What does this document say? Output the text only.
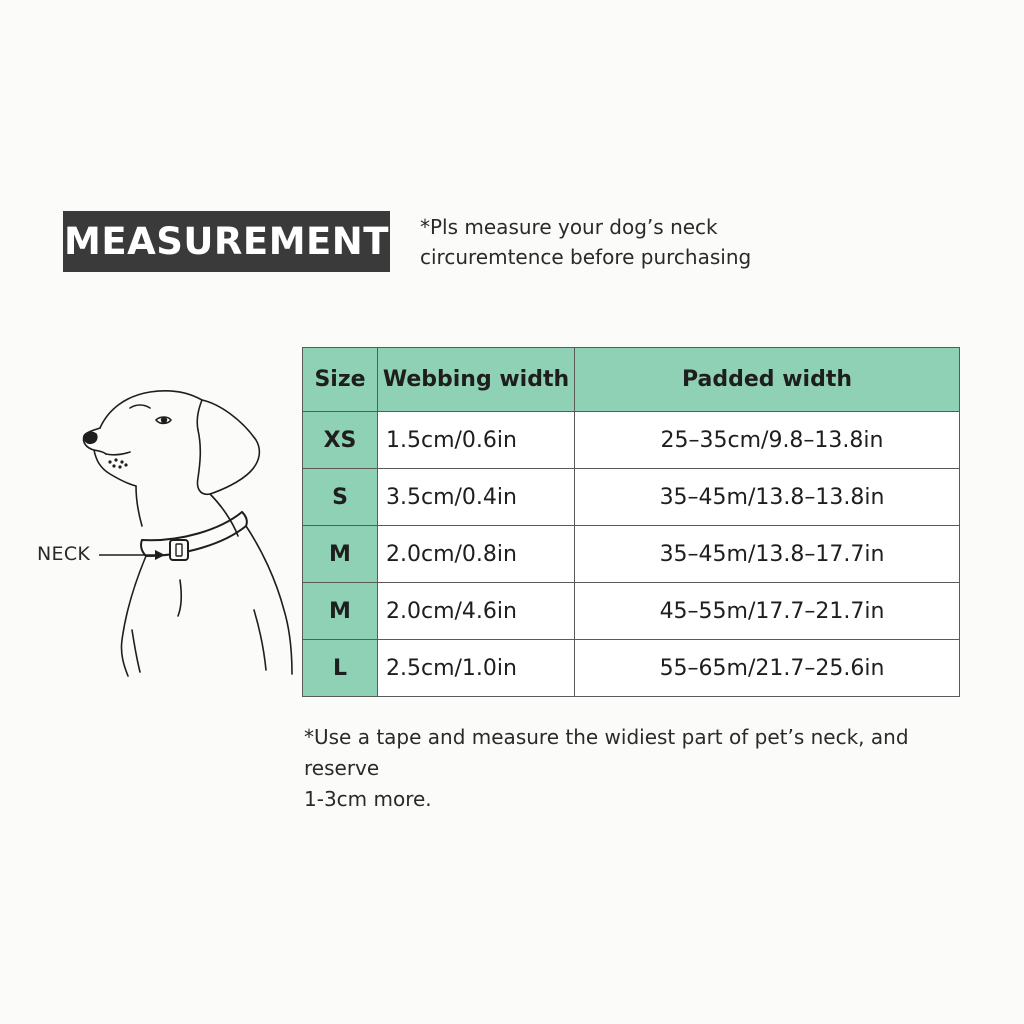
MEASUREMENT *Pls measure your dog’s neck
circuremtence before purchasing
NECK
Size	Webbing width	Padded width
XS	1.5cm/0.6in	25–35cm/9.8–13.8in
S	3.5cm/0.4in	35–45m/13.8–13.8in
M	2.0cm/0.8in	35–45m/13.8–17.7in
M	2.0cm/4.6in	45–55m/17.7–21.7in
L	2.5cm/1.0in	55–65m/21.7–25.6in
*Use a tape and measure the widiest part of pet’s neck, and reserve
1-3cm more.
